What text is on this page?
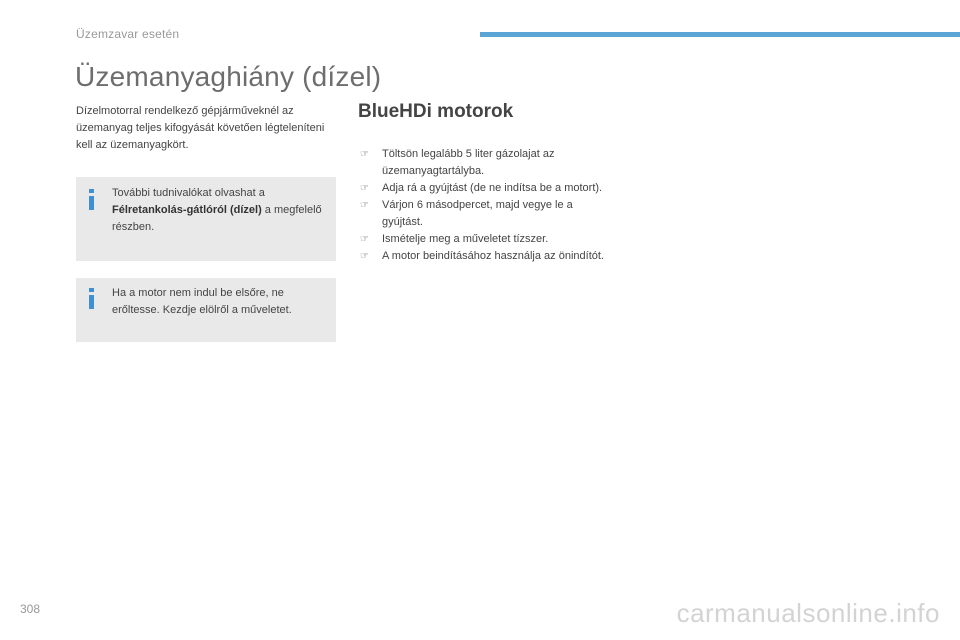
Üzemzavar esetén
Üzemanyaghiány (dízel)

Dízelmotorral rendelkező gépjárműveknél az üzemanyag teljes kifogyását követően légteleníteni kell az üzemanyagkört.

További tudnivalókat olvashat a Félretankolás-gátlóról (dízel) a megfelelő részben.

Ha a motor nem indul be elsőre, ne erőltesse. Kezdje elölről a műveletet.

BlueHDi motorok
☞	Töltsön legalább 5 liter gázolajat az üzemanyagtartályba.
☞	Adja rá a gyújtást (de ne indítsa be a motort).
☞	Várjon 6 másodpercet, majd vegye le a gyújtást.
☞	Ismételje meg a műveletet tízszer.
☞	A motor beindításához használja az önindítót.
308	carmanualsonline.info
